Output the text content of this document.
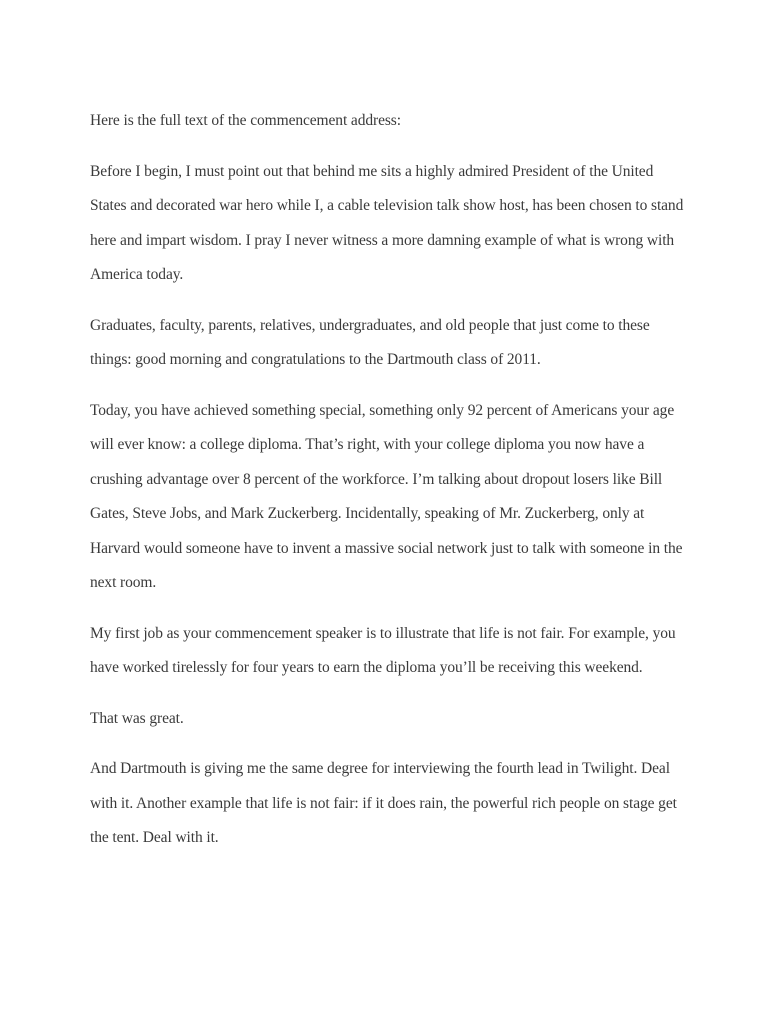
Here is the full text of the commencement address:

Before I begin, I must point out that behind me sits a highly admired President of the United States and decorated war hero while I, a cable television talk show host, has been chosen to stand here and impart wisdom. I pray I never witness a more damning example of what is wrong with America today.

Graduates, faculty, parents, relatives, undergraduates, and old people that just come to these things: good morning and congratulations to the Dartmouth class of 2011.

Today, you have achieved something special, something only 92 percent of Americans your age will ever know: a college diploma. That’s right, with your college diploma you now have a crushing advantage over 8 percent of the workforce. I’m talking about dropout losers like Bill Gates, Steve Jobs, and Mark Zuckerberg. Incidentally, speaking of Mr. Zuckerberg, only at Harvard would someone have to invent a massive social network just to talk with someone in the next room.

My first job as your commencement speaker is to illustrate that life is not fair. For example, you have worked tirelessly for four years to earn the diploma you’ll be receiving this weekend.

That was great.

And Dartmouth is giving me the same degree for interviewing the fourth lead in Twilight. Deal with it. Another example that life is not fair: if it does rain, the powerful rich people on stage get the tent. Deal with it.
